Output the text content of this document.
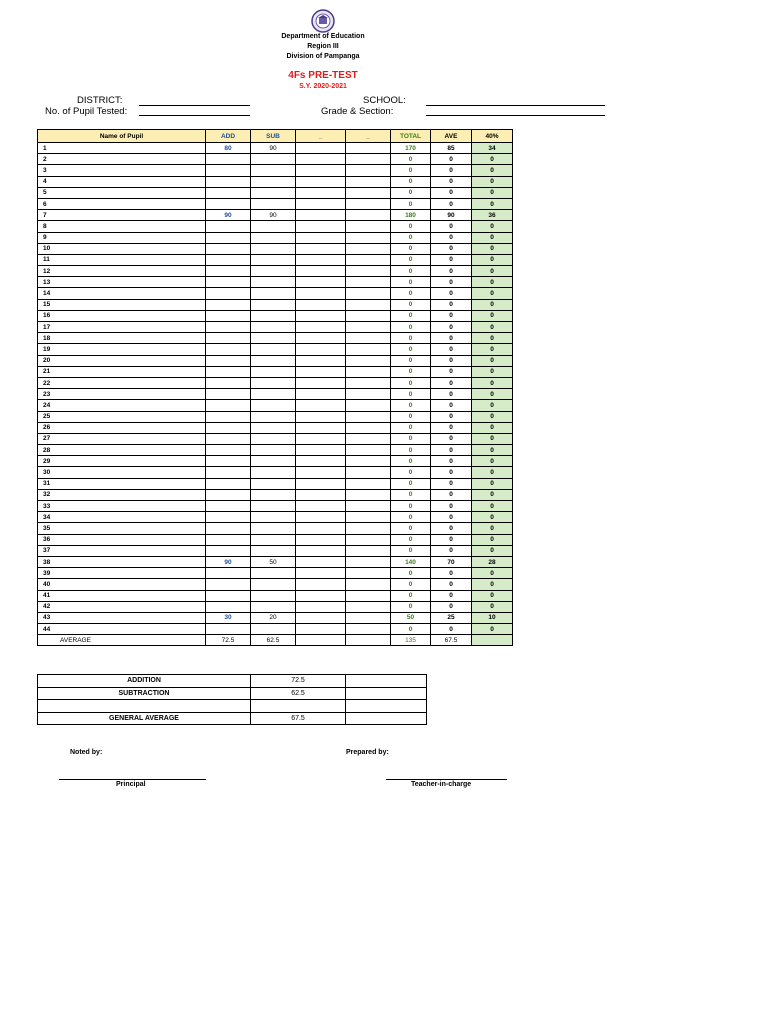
Department of Education
Region III
Division of Pampanga
4Fs PRE-TEST
S.Y. 2020-2021
DISTRICT:
No. of Pupil Tested:
SCHOOL:
Grade & Section:
Name of Pupil	ADD	SUB	_	_	TOTAL	AVE	40%
1	80	90			170	85	34
2					0	0	0
3					0	0	0
4					0	0	0
5					0	0	0
6					0	0	0
7	90	90			180	90	36
8					0	0	0
9					0	0	0
10					0	0	0
11					0	0	0
12					0	0	0
13					0	0	0
14					0	0	0
15					0	0	0
16					0	0	0
17					0	0	0
18					0	0	0
19					0	0	0
20					0	0	0
21					0	0	0
22					0	0	0
23					0	0	0
24					0	0	0
25					0	0	0
26					0	0	0
27					0	0	0
28					0	0	0
29					0	0	0
30					0	0	0
31					0	0	0
32					0	0	0
33					0	0	0
34					0	0	0
35					0	0	0
36					0	0	0
37					0	0	0
38	90	50			140	70	28
39					0	0	0
40					0	0	0
41					0	0	0
42					0	0	0
43	30	20			50	25	10
44					0	0	0
AVERAGE	72.5	62.5			135	67.5	
ADDITION	72.5	
SUBTRACTION	62.5	

GENERAL AVERAGE	67.5	
Noted by:	Prepared by:
Principal	Teacher-in-charge
